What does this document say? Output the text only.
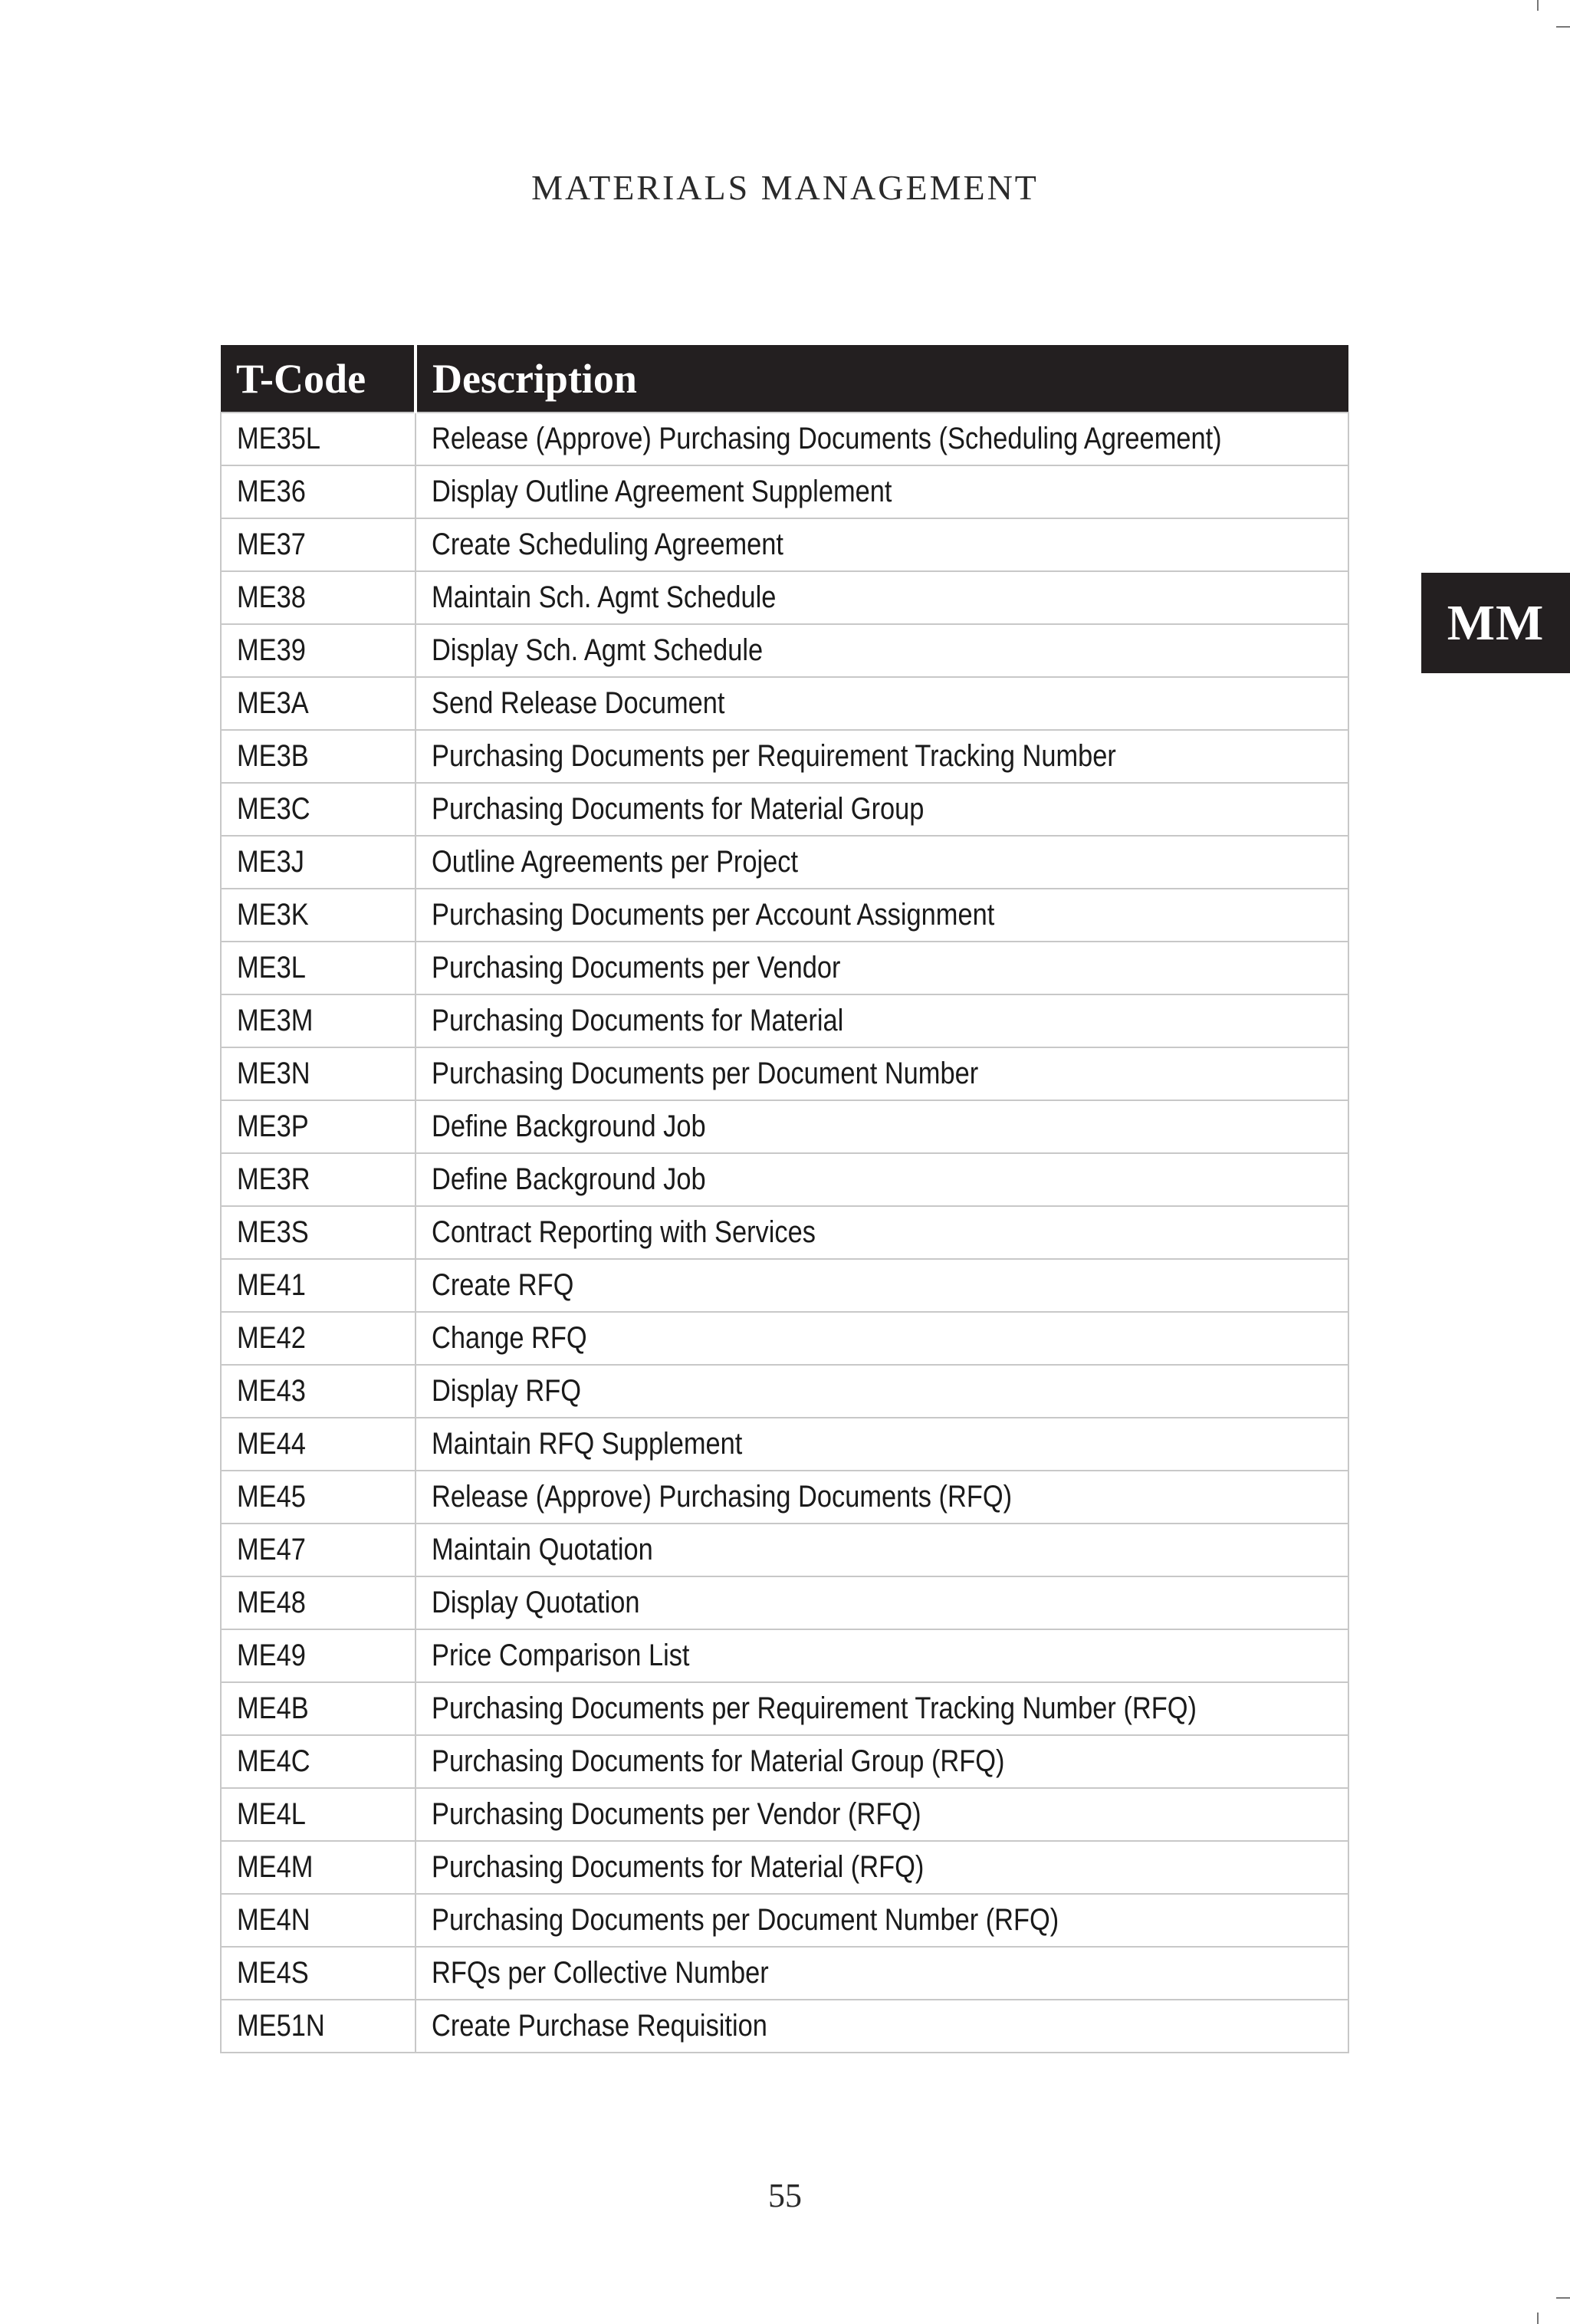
MATERIALS MANAGEMENT
MM
T-Code	Description
ME35L	Release (Approve) Purchasing Documents (Scheduling Agreement)
ME36	Display Outline Agreement Supplement
ME37	Create Scheduling Agreement
ME38	Maintain Sch. Agmt Schedule
ME39	Display Sch. Agmt Schedule
ME3A	Send Release Document
ME3B	Purchasing Documents per Requirement Tracking Number
ME3C	Purchasing Documents for Material Group
ME3J	Outline Agreements per Project
ME3K	Purchasing Documents per Account Assignment
ME3L	Purchasing Documents per Vendor
ME3M	Purchasing Documents for Material
ME3N	Purchasing Documents per Document Number
ME3P	Define Background Job
ME3R	Define Background Job
ME3S	Contract Reporting with Services
ME41	Create RFQ
ME42	Change RFQ
ME43	Display RFQ
ME44	Maintain RFQ Supplement
ME45	Release (Approve) Purchasing Documents (RFQ)
ME47	Maintain Quotation
ME48	Display Quotation
ME49	Price Comparison List
ME4B	Purchasing Documents per Requirement Tracking Number (RFQ)
ME4C	Purchasing Documents for Material Group (RFQ)
ME4L	Purchasing Documents per Vendor (RFQ)
ME4M	Purchasing Documents for Material (RFQ)
ME4N	Purchasing Documents per Document Number (RFQ)
ME4S	RFQs per Collective Number
ME51N	Create Purchase Requisition
55
